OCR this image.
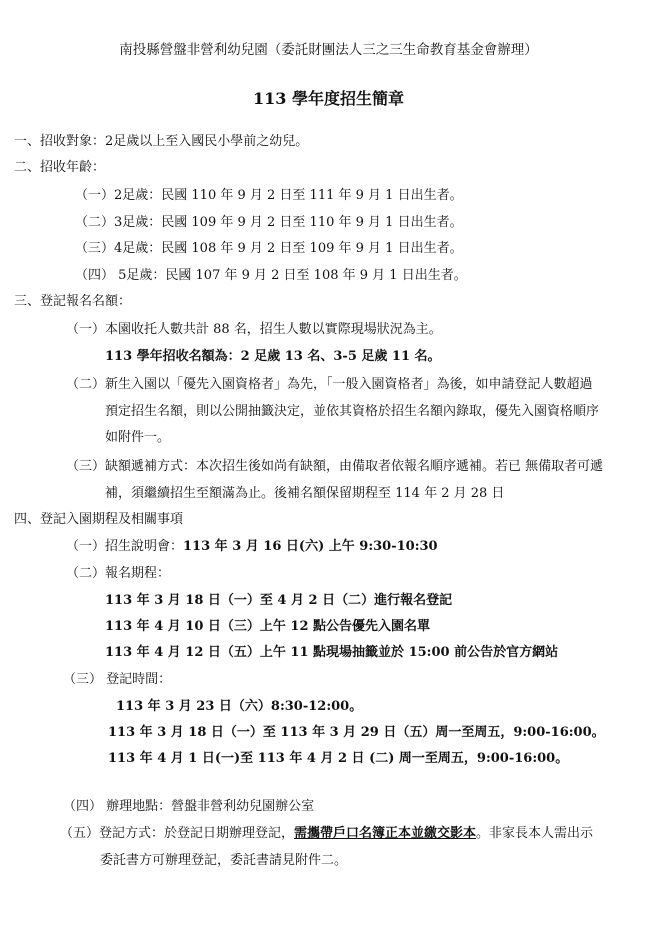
南投縣營盤非營利幼兒園（委託財團法人三之三生命教育基金會辦理）
113 學年度招生簡章
一、招收對象：2足歲以上至入國民小學前之幼兒。
二、招收年齡：
（一）2足歲：民國 110 年 9 月 2 日至 111 年 9 月 1 日出生者。
（二）3足歲：民國 109 年 9 月 2 日至 110 年 9 月 1 日出生者。
（三）4足歲：民國 108 年 9 月 2 日至 109 年 9 月 1 日出生者。
（四） 5足歲：民國 107 年 9 月 2 日至 108 年 9 月 1 日出生者。
三、登記報名名額：
（一）本園收托人數共計 88 名，招生人數以實際現場狀況為主。
113 學年招收名額為：2 足歲 13 名、3-5 足歲 11 名。
（二）新生入園以「優先入園資格者」為先，「一般入園資格者」為後，如申請登記人數超過
預定招生名額，則以公開抽籤決定，並依其資格於招生名額內錄取，優先入園資格順序
如附件一。
（三）缺額遞補方式：本次招生後如尚有缺額，由備取者依報名順序遞補。若已 無備取者可遞
補，須繼續招生至額滿為止。後補名額保留期程至 114 年 2 月 28 日
四、登記入園期程及相關事項
（一）招生說明會：113 年 3 月 16 日(六) 上午 9:30-10:30
（二）報名期程：
113 年 3 月 18 日（一）至 4 月 2 日（二）進行報名登記
113 年 4 月 10 日（三）上午 12 點公告優先入園名單
113 年 4 月 12 日（五）上午 11 點現場抽籤並於 15:00 前公告於官方網站
（三） 登記時間：
113 年 3 月 23 日（六）8:30-12:00。
113 年 3 月 18 日（一）至 113 年 3 月 29 日（五）周一至周五，9:00-16:00。
113 年 4 月 1 日(一)至 113 年 4 月 2 日 (二) 周一至周五，9:00-16:00。
（四） 辦理地點：營盤非營利幼兒園辦公室
（五）登記方式：於登記日期辦理登記，需攜帶戶口名簿正本並繳交影本。非家長本人需出示
委託書方可辦理登記，委託書請見附件二。
